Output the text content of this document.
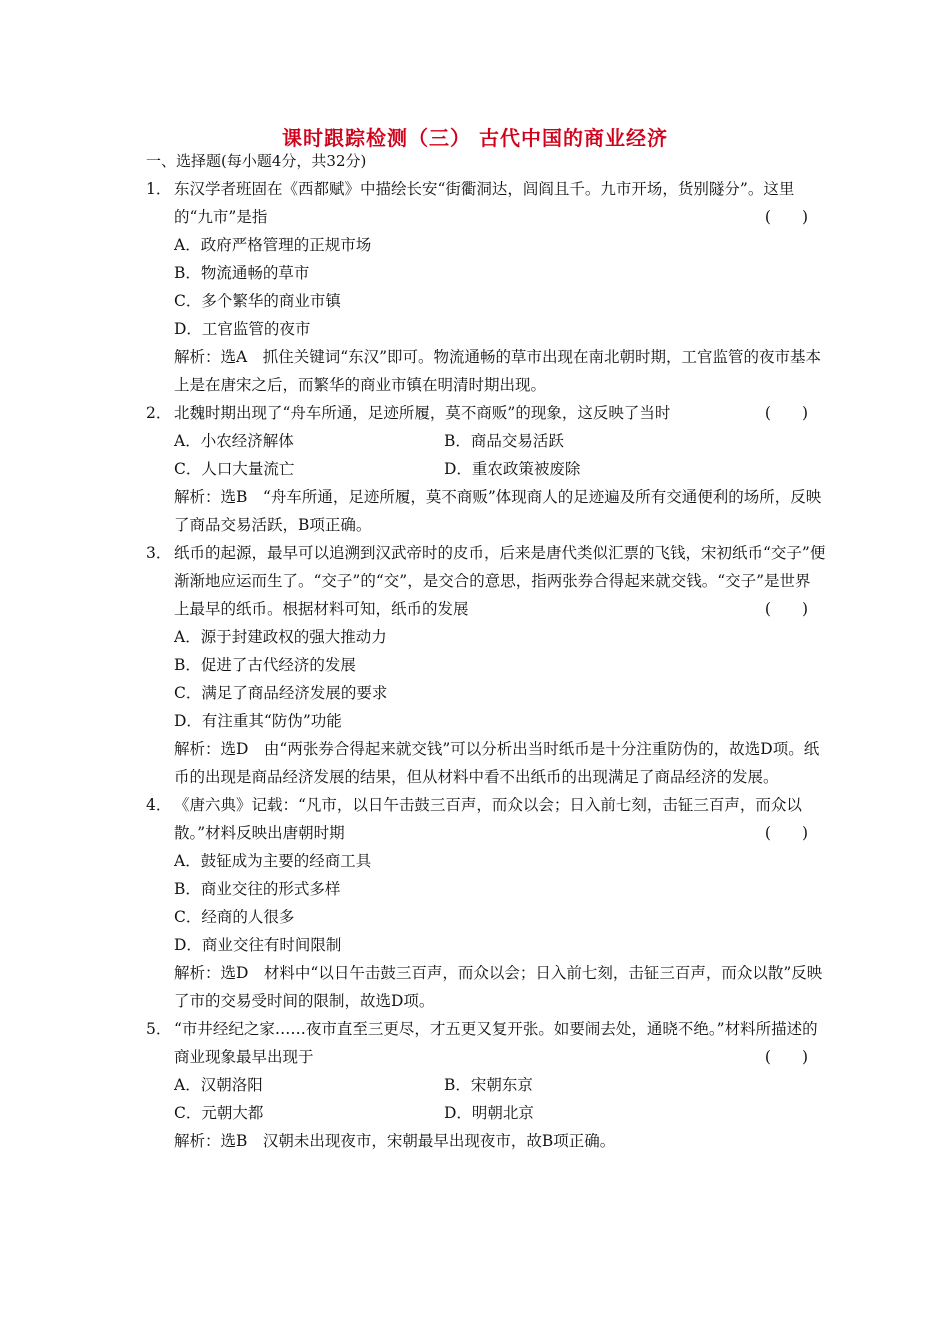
课时跟踪检测（三） 古代中国的商业经济
一、选择题(每小题4分，共32分)
1． 东汉学者班固在《西都赋》中描绘长安“街衢洞达，闾阎且千。九市开场，货别隧分”。这里的“九市”是指	(　　)
A．政府严格管理的正规市场
B．物流通畅的草市
C．多个繁华的商业市镇
D．工官监管的夜市
解析：选A　抓住关键词“东汉”即可。物流通畅的草市出现在南北朝时期，工官监管的夜市基本上是在唐宋之后，而繁华的商业市镇在明清时期出现。
2． 北魏时期出现了“舟车所通，足迹所履，莫不商贩”的现象，这反映了当时	(　　)
A．小农经济解体	B．商品交易活跃
C．人口大量流亡	D．重农政策被废除
解析：选B　“舟车所通，足迹所履，莫不商贩”体现商人的足迹遍及所有交通便利的场所，反映了商品交易活跃，B项正确。
3． 纸币的起源，最早可以追溯到汉武帝时的皮币，后来是唐代类似汇票的飞钱，宋初纸币“交子”便渐渐地应运而生了。“交子”的“交”，是交合的意思，指两张券合得起来就交钱。“交子”是世界上最早的纸币。根据材料可知，纸币的发展	(　　)
A．源于封建政权的强大推动力
B．促进了古代经济的发展
C．满足了商品经济发展的要求
D．有注重其“防伪”功能
解析：选D　由“两张券合得起来就交钱”可以分析出当时纸币是十分注重防伪的，故选D项。纸币的出现是商品经济发展的结果，但从材料中看不出纸币的出现满足了商品经济的发展。
4． 《唐六典》记载：“凡市，以日午击鼓三百声，而众以会；日入前七刻，击钲三百声，而众以散。”材料反映出唐朝时期	(　　)
A．鼓钲成为主要的经商工具
B．商业交往的形式多样
C．经商的人很多
D．商业交往有时间限制
解析：选D　材料中“以日午击鼓三百声，而众以会；日入前七刻，击钲三百声，而众以散”反映了市的交易受时间的限制，故选D项。
5． “市井经纪之家……夜市直至三更尽，才五更又复开张。如要闹去处，通晓不绝。”材料所描述的商业现象最早出现于	(　　)
A．汉朝洛阳	B．宋朝东京
C．元朝大都	D．明朝北京
解析：选B　汉朝未出现夜市，宋朝最早出现夜市，故B项正确。
